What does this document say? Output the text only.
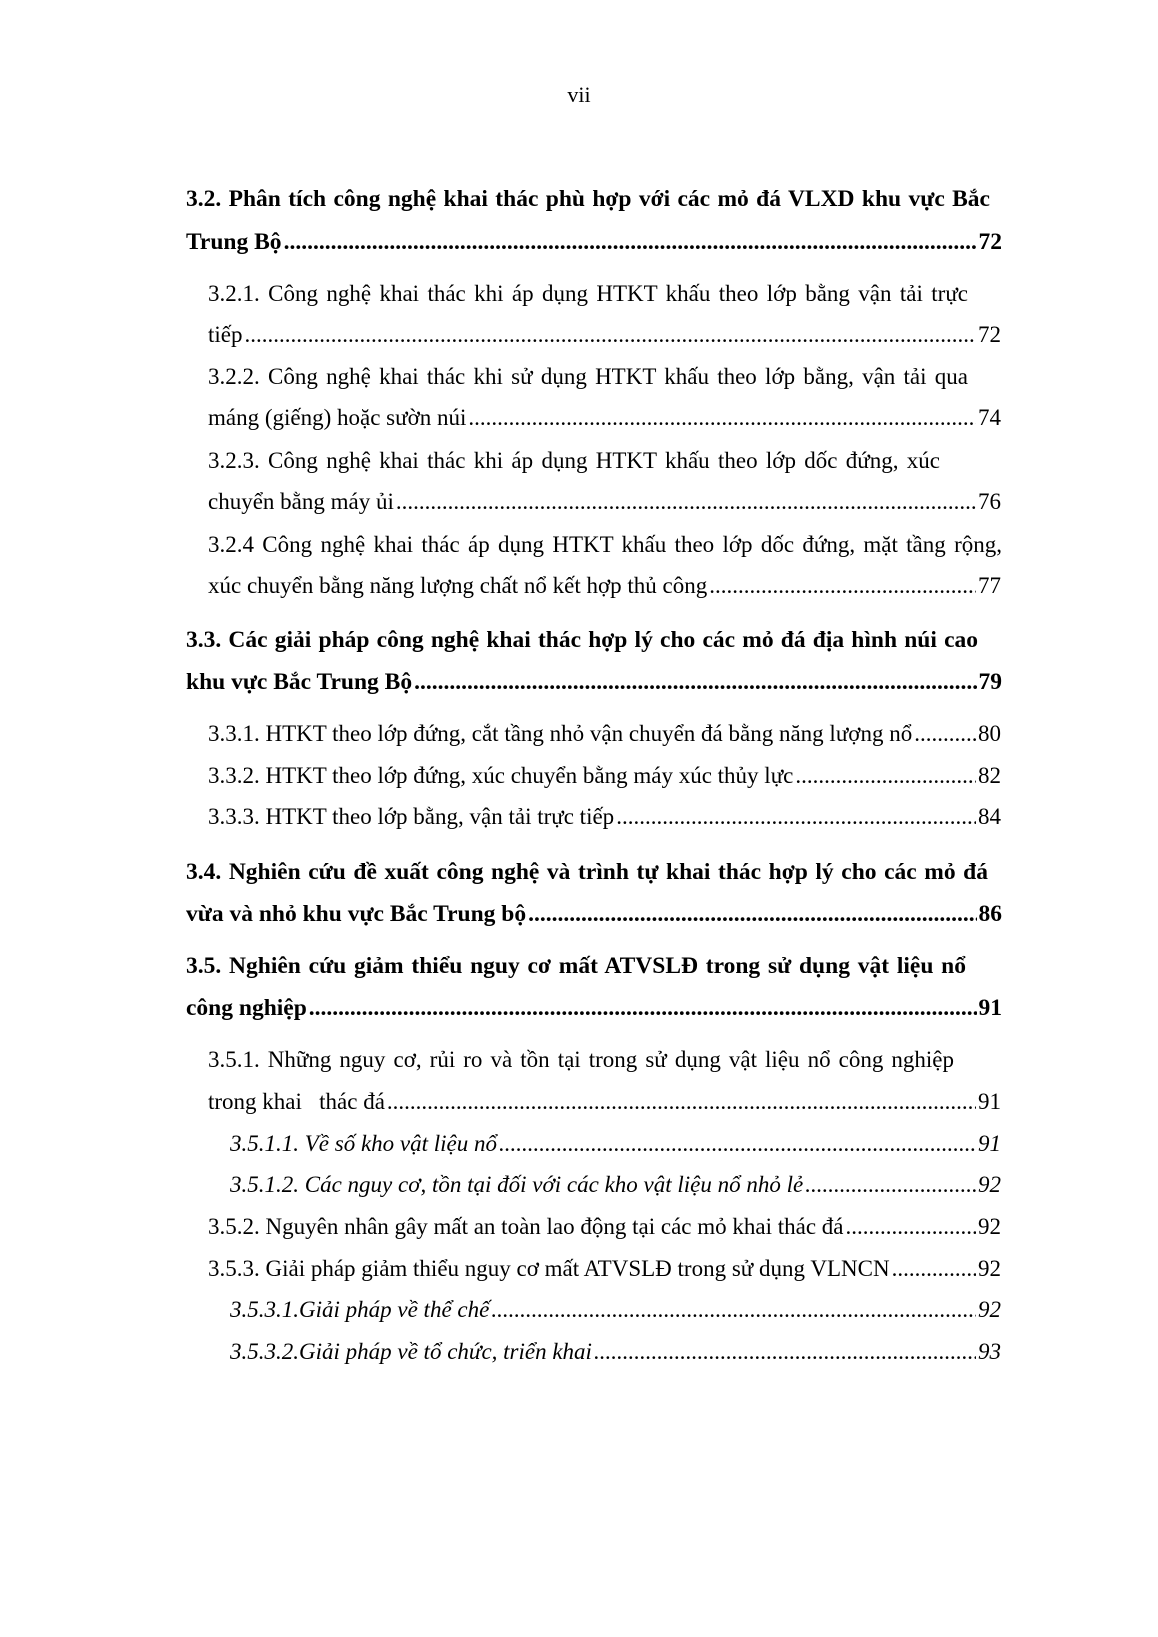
vii
3.2. Phân tích công nghệ khai thác phù hợp với các mỏ đá VLXD khu vực Bắc
Trung Bộ .....	72
3.2.1. Công nghệ khai thác khi áp dụng HTKT khấu theo lớp bằng vận tải trực
tiếp .....	72
3.2.2. Công nghệ khai thác khi sử dụng HTKT khấu theo lớp bằng, vận tải qua
máng (giếng) hoặc sườn núi .....	74
3.2.3. Công nghệ khai thác khi áp dụng HTKT khấu theo lớp dốc đứng, xúc
chuyển bằng máy ủi .....	76
3.2.4 Công nghệ khai thác áp dụng HTKT khấu theo lớp dốc đứng, mặt tầng rộng,
xúc chuyển bằng năng lượng chất nổ kết hợp thủ công .....	77
3.3. Các giải pháp công nghệ khai thác hợp lý cho các mỏ đá địa hình núi cao
khu vực Bắc Trung Bộ .....	79
3.3.1. HTKT theo lớp đứng, cắt tầng nhỏ vận chuyển đá bằng năng lượng nổ .....	80
3.3.2. HTKT theo lớp đứng, xúc chuyển bằng máy xúc thủy lực .....	82
3.3.3. HTKT theo lớp bằng, vận tải trực tiếp .....	84
3.4. Nghiên cứu đề xuất công nghệ và trình tự khai thác hợp lý cho các mỏ đá
vừa và nhỏ khu vực Bắc Trung bộ .....	86
3.5. Nghiên cứu giảm thiểu nguy cơ mất ATVSLĐ trong sử dụng vật liệu nổ
công nghiệp .....	91
3.5.1. Những nguy cơ, rủi ro và tồn tại trong sử dụng vật liệu nổ công nghiệp
trong khai   thác đá .....	91
3.5.1.1. Về số kho vật liệu nổ .....	91
3.5.1.2. Các nguy cơ, tồn tại đối với các kho vật liệu nổ nhỏ lẻ .....	92
3.5.2. Nguyên nhân gây mất an toàn lao động tại các mỏ khai thác đá .....	92
3.5.3. Giải pháp giảm thiểu nguy cơ mất ATVSLĐ trong sử dụng VLNCN .....	92
3.5.3.1.Giải pháp về thể chế .....	92
3.5.3.2.Giải pháp về tổ chức, triển khai .....	93
